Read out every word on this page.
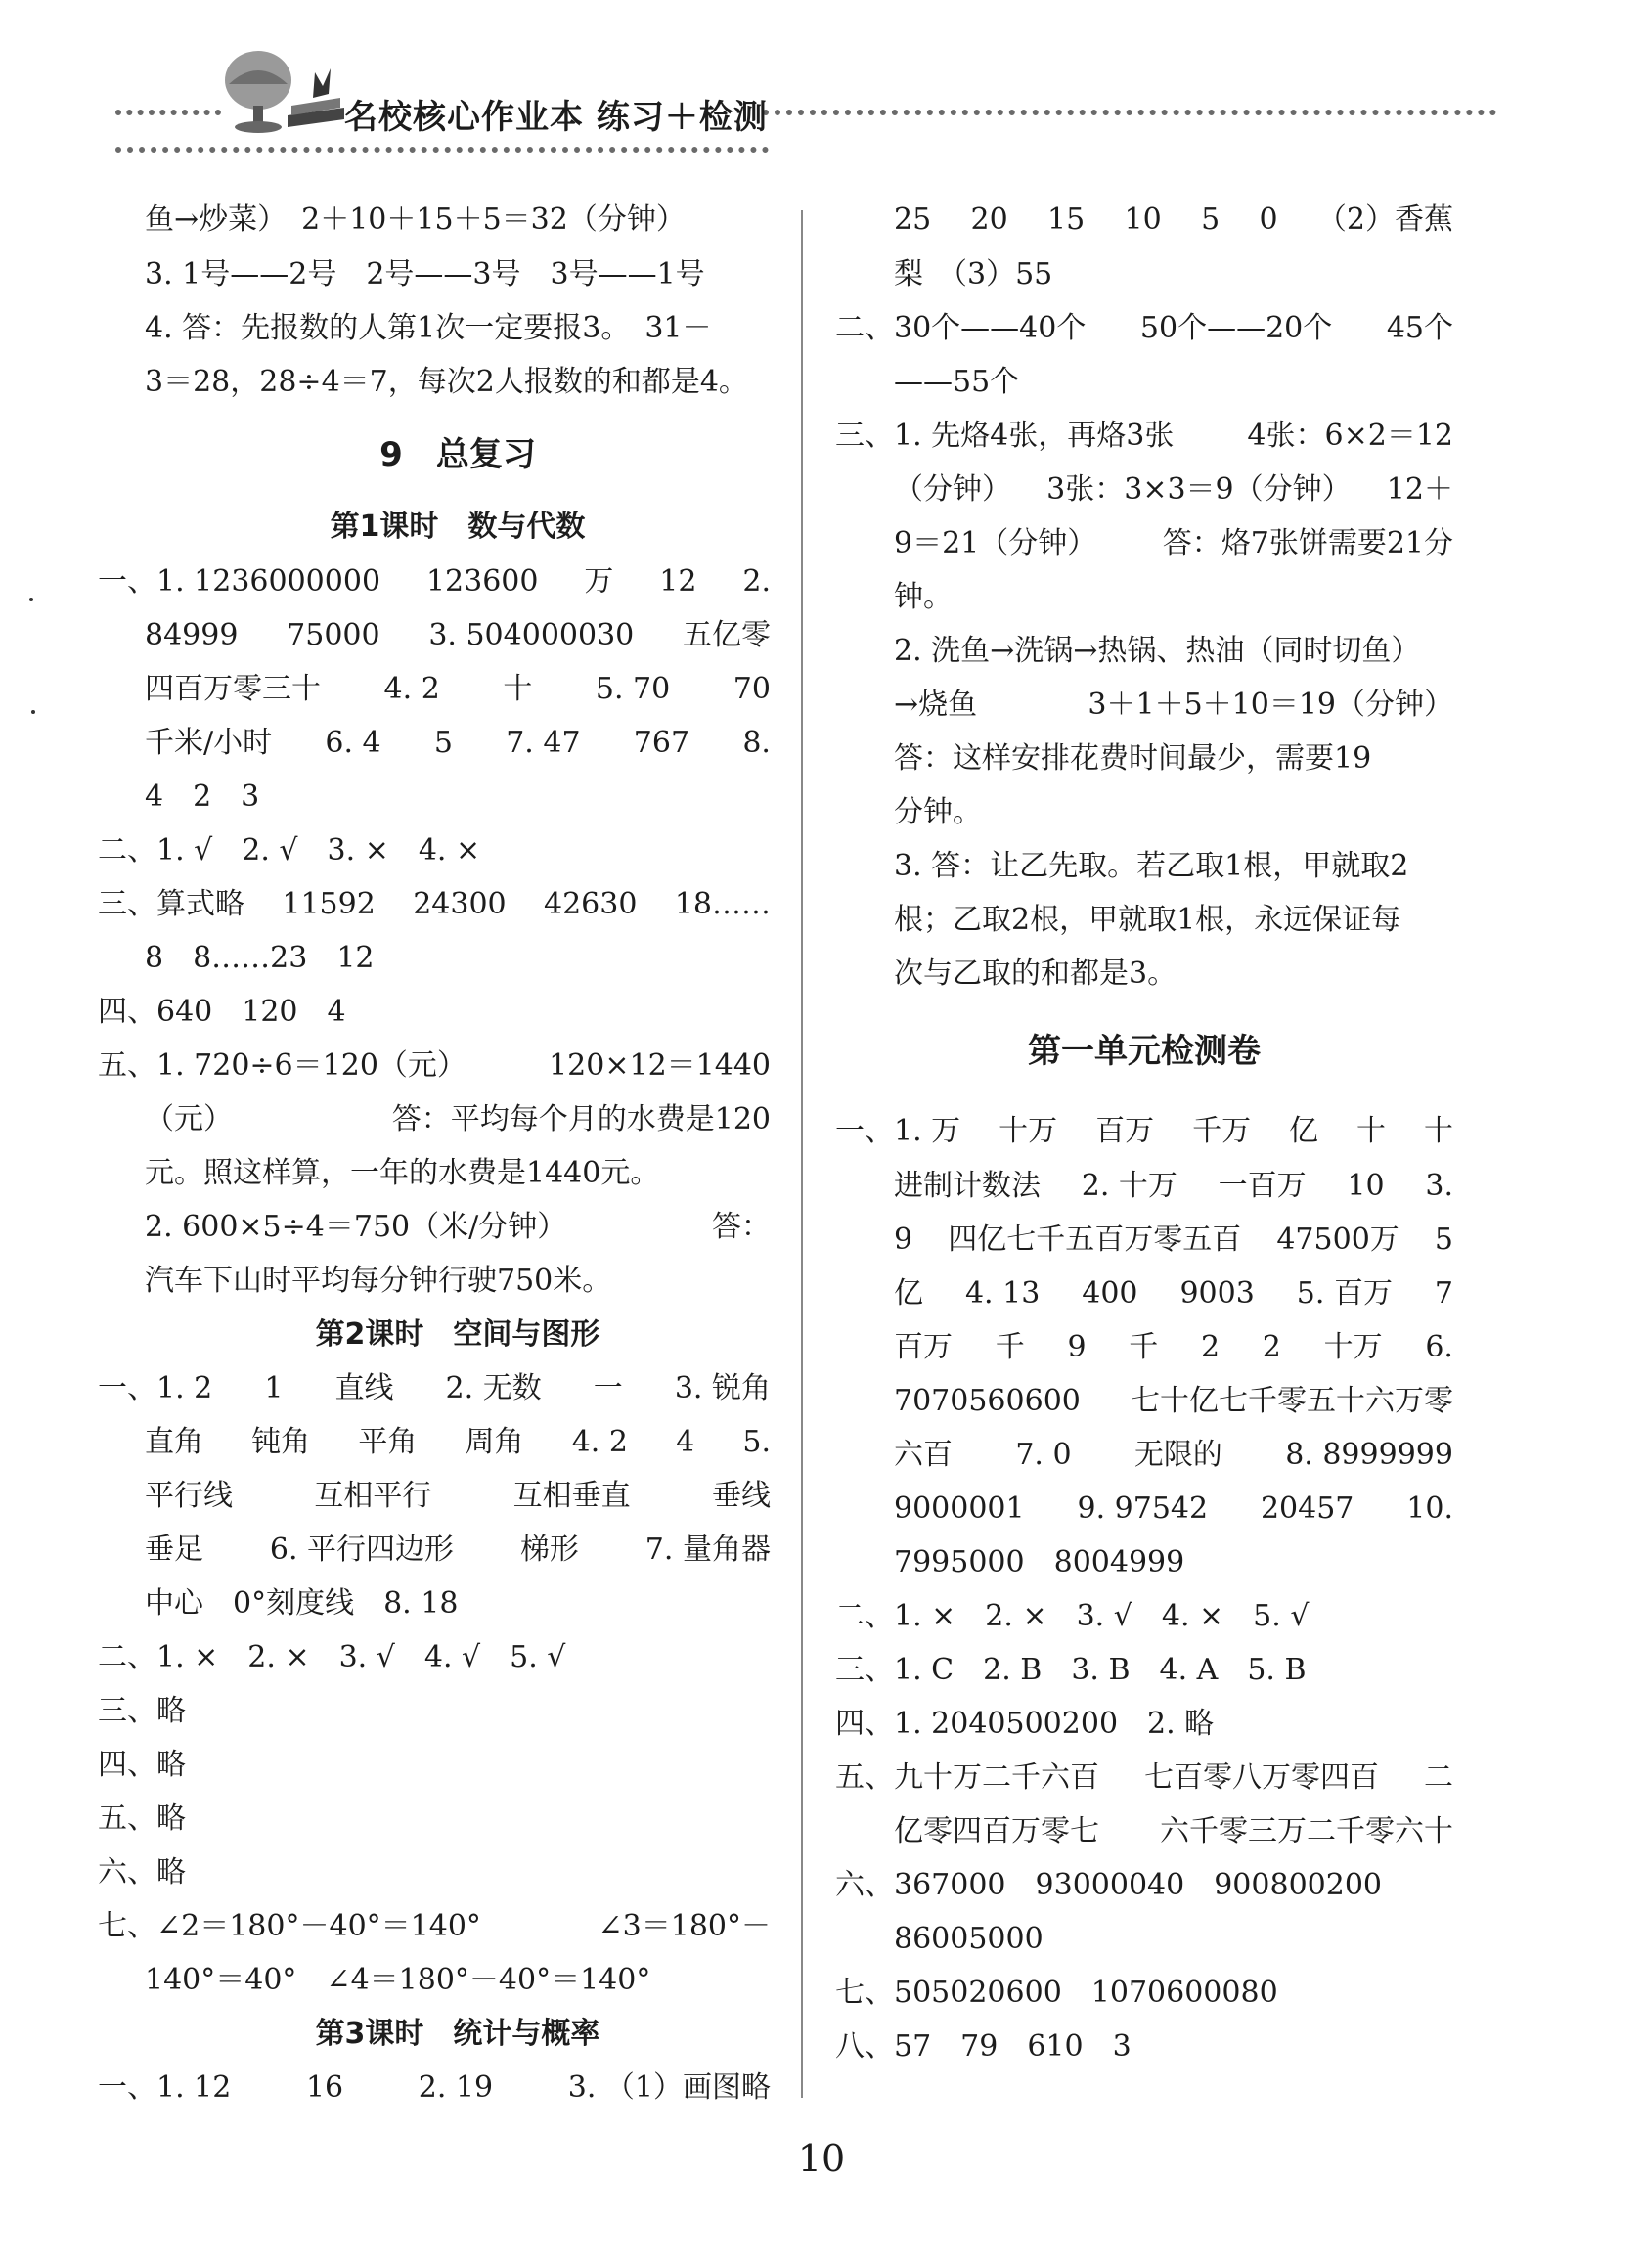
名校核心作业本 练习＋检测
鱼→炒菜）　2＋10＋15＋5＝32（分钟）
3. 1号——2号　2号——3号　3号——1号
4. 答：先报数的人第1次一定要报3。　31－
3＝28，28÷4＝7，每次2人报数的和都是4。
9　总复习
第1课时　数与代数
一、1. 1236000000 123600 万 12 2.
84999 75000 3. 504000030 五亿零
四百万零三十 4. 2 十 5. 70 70
千米/小时 6. 4 5 7. 47 767 8.
4　2　3
二、1. √　2. √　3. ×　4. ×
三、算式略 11592 24300 42630 18……
8　8……23　12
四、640　120　4
五、1. 720÷6＝120（元）	120×12＝1440
（元）	答：平均每个月的水费是120
元。照这样算，一年的水费是1440元。
2. 600×5÷4＝750（米/分钟）	答：
汽车下山时平均每分钟行驶750米。
第2课时　空间与图形
一、1. 2 1 直线 2. 无数 一 3. 锐角
直角 钝角 平角 周角 4. 2 4 5.
平行线	互相平行	互相垂直	垂线
垂足 6. 平行四边形 梯形 7. 量角器
中心　0°刻度线　8. 18
二、1. ×　2. ×　3. √　4. √　5. √
三、略
四、略
五、略
六、略
七、∠2＝180°－40°＝140°	∠3＝180°－
140°＝40°　∠4＝180°－40°＝140°
第3课时　统计与概率
一、1. 12	16	2. 19	3. （1）画图略
25 20 15 10 5 0 （2）香蕉
梨　（3）55
二、30个——40个 50个——20个 45个
——55个
三、1. 先烙4张，再烙3张	4张：6×2＝12
（分钟） 3张：3×3＝9（分钟） 12＋
9＝21（分钟） 答：烙7张饼需要21分
钟。
2. 洗鱼→洗锅→热锅、热油（同时切鱼）
→烧鱼	3＋1＋5＋10＝19（分钟）
答：这样安排花费时间最少，需要19
分钟。
3. 答：让乙先取。若乙取1根，甲就取2
根；乙取2根，甲就取1根，永远保证每
次与乙取的和都是3。
第一单元检测卷
一、1. 万 十万 百万 千万 亿 十 十
进制计数法 2. 十万 一百万 10 3.
9 四亿七千五百万零五百 47500万 5
亿 4. 13 400 9003 5. 百万 7
百万 千 9 千 2 2 十万 6.
7070560600 七十亿七千零五十六万零
六百 7. 0 无限的 8. 8999999
9000001 9. 97542 20457 10.
7995000　8004999
二、1. ×　2. ×　3. √　4. ×　5. √
三、1. C　2. B　3. B　4. A　5. B
四、1. 2040500200　2. 略
五、九十万二千六百 七百零八万零四百 二
亿零四百万零七 六千零三万二千零六十
六、367000　93000040　900800200
86005000
七、505020600　1070600080
八、57　79　610　3
10
